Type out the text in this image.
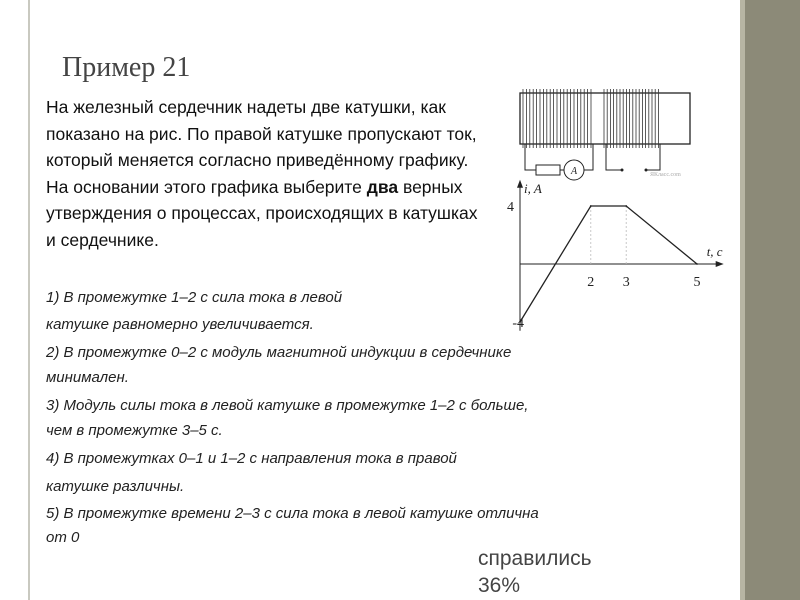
Пример 21
На железный сердечник надеты две катушки, как показано на рис. По правой катушке пропускают ток, который меняется согласно приведённому графику. На основании этого графика выберите два верных утверждения о процессах, происходящих в катушках и сердечнике.
A	ЯКласс.com
i, A
t, c
4
-4
2 3	5
1) В промежутке 1–2 с сила тока в левой
катушке равномерно увеличивается.
2) В промежутке 0–2 с модуль магнитной индукции в сердечнике
минимален.
3) Модуль силы тока в левой катушке в промежутке 1–2 с больше,
чем в промежутке 3–5 с.
4) В промежутках 0–1 и 1–2 с направления тока в правой
катушке различны.
5) В промежутке времени 2–3 с сила тока в левой катушке отлична
от 0
справились
36%
